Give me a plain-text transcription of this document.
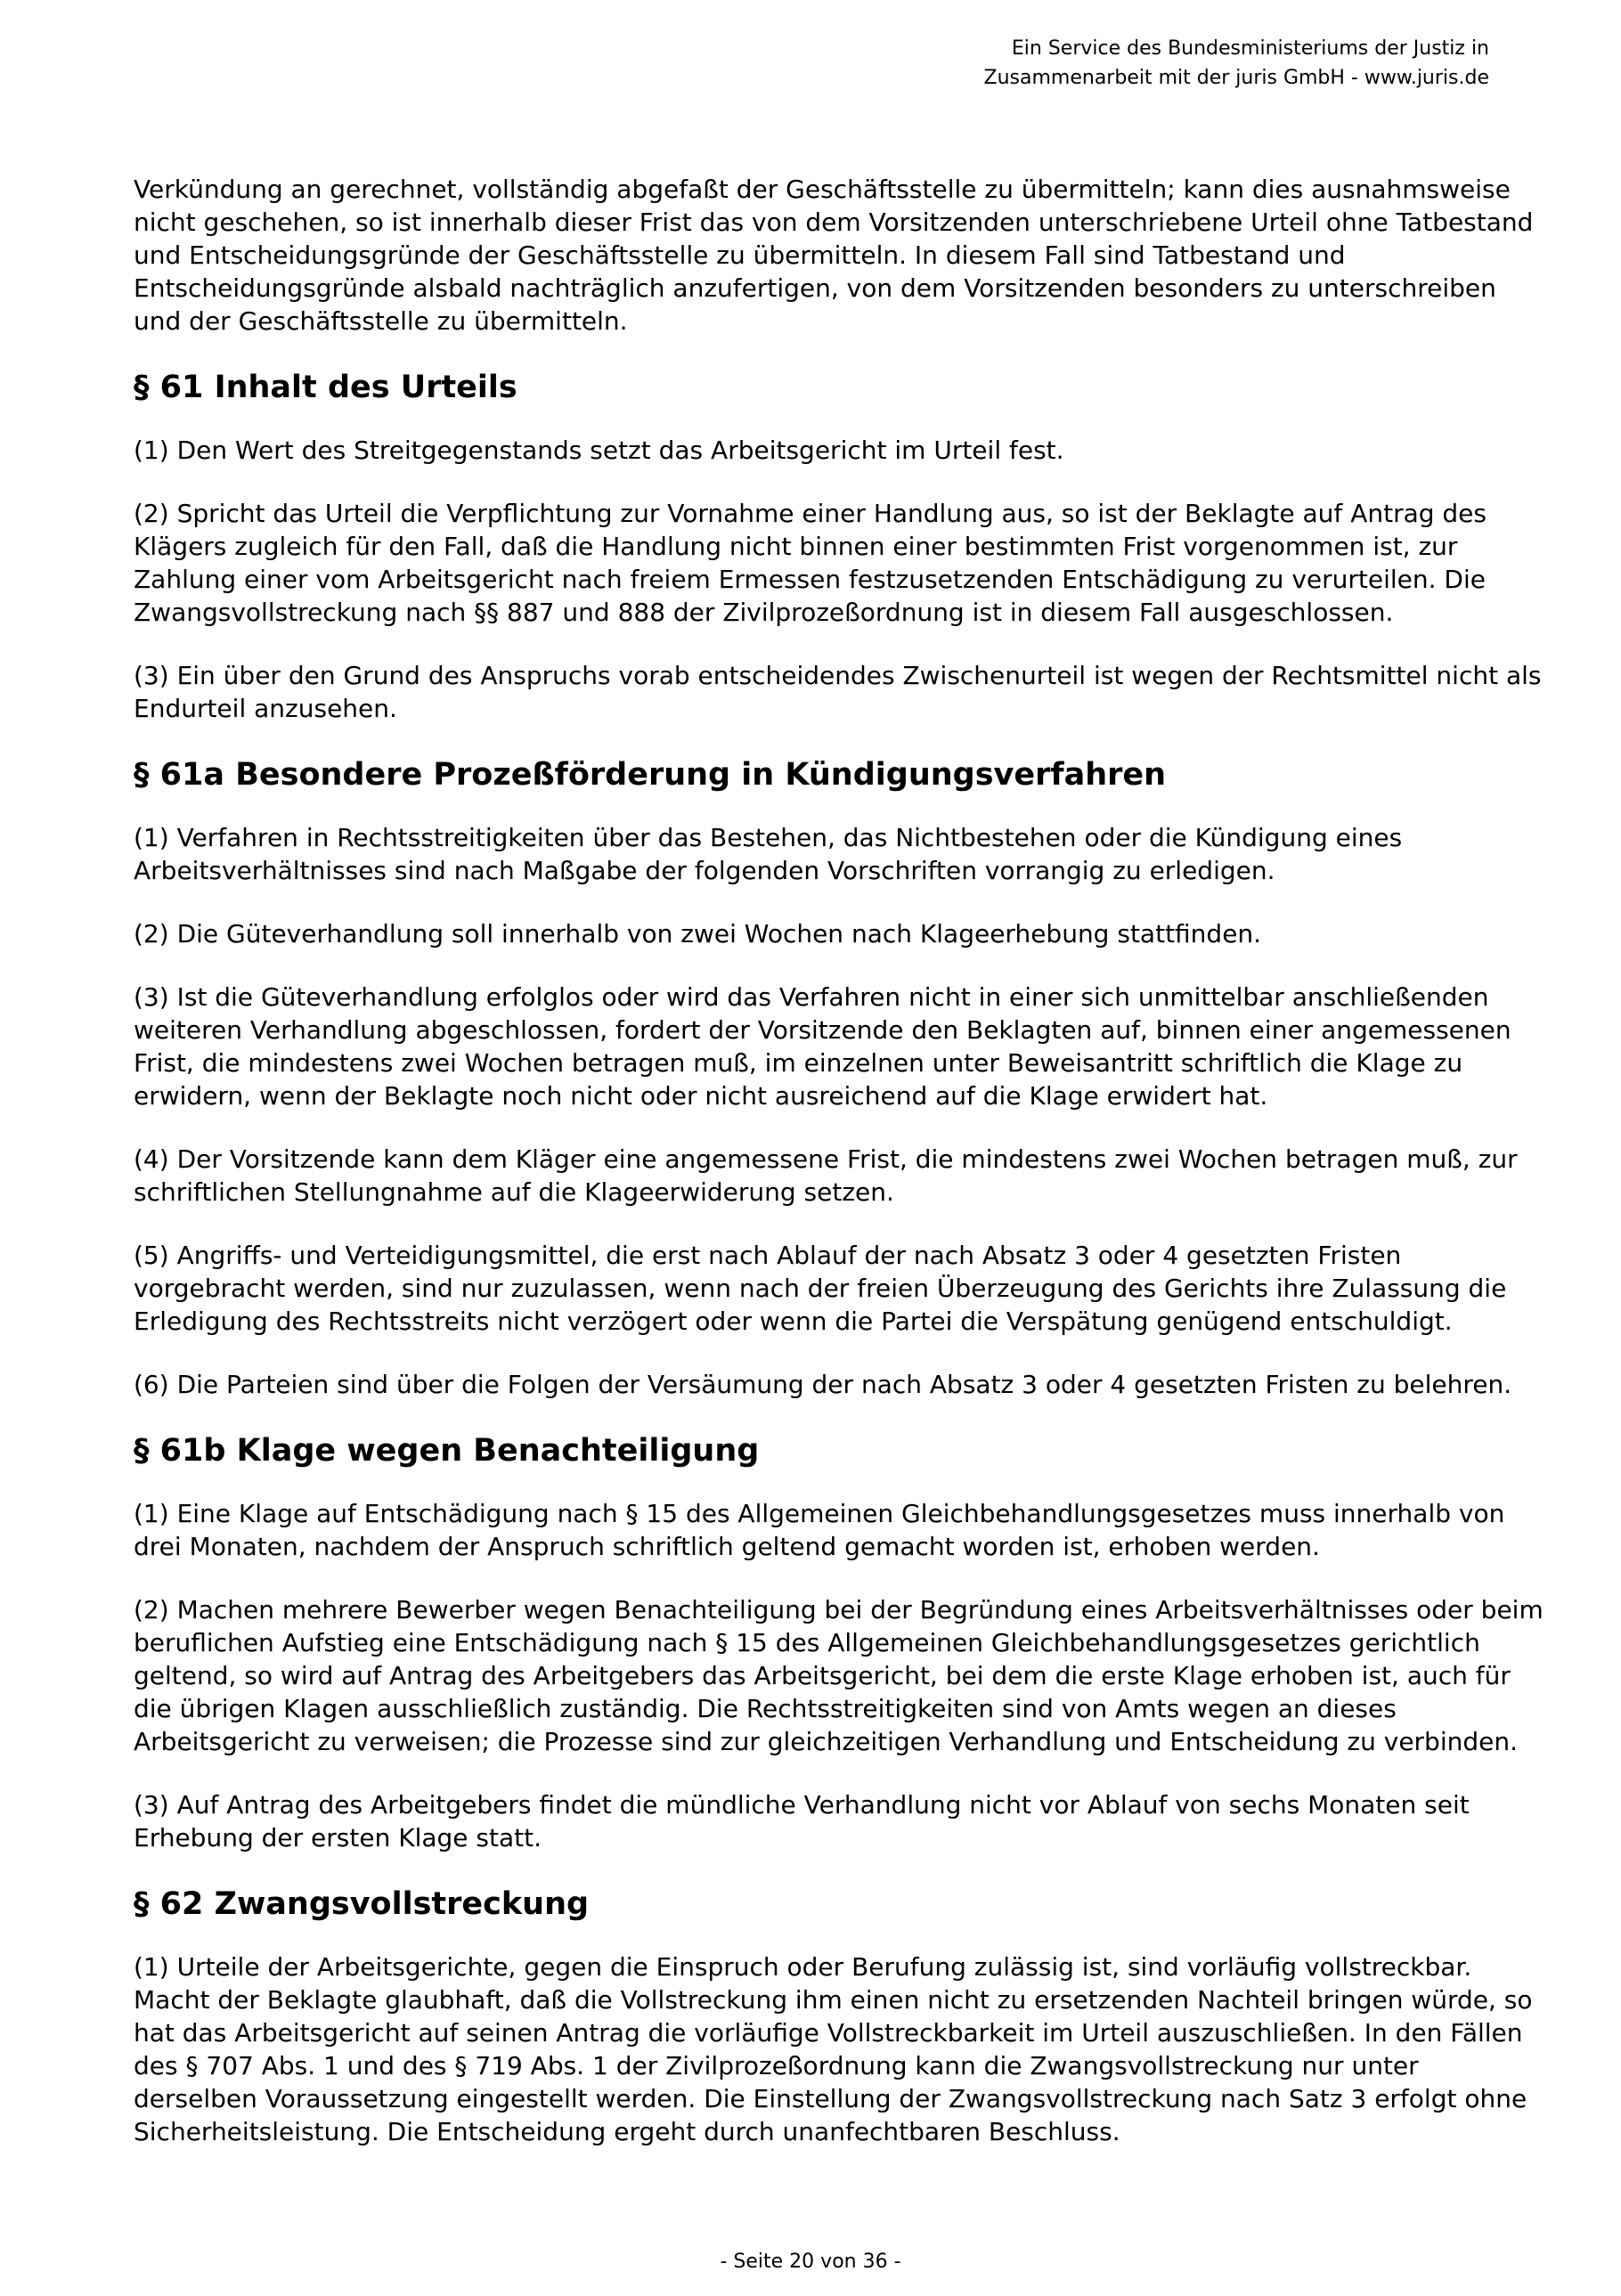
Ein Service des Bundesministeriums der Justiz in
Zusammenarbeit mit der juris GmbH - www.juris.de

Verkündung an gerechnet, vollständig abgefaßt der Geschäftsstelle zu übermitteln; kann dies ausnahmsweise nicht geschehen, so ist innerhalb dieser Frist das von dem Vorsitzenden unterschriebene Urteil ohne Tatbestand und Entscheidungsgründe der Geschäftsstelle zu übermitteln. In diesem Fall sind Tatbestand und Entscheidungsgründe alsbald nachträglich anzufertigen, von dem Vorsitzenden besonders zu unterschreiben und der Geschäftsstelle zu übermitteln.

§ 61 Inhalt des Urteils

(1) Den Wert des Streitgegenstands setzt das Arbeitsgericht im Urteil fest.

(2) Spricht das Urteil die Verpflichtung zur Vornahme einer Handlung aus, so ist der Beklagte auf Antrag des Klägers zugleich für den Fall, daß die Handlung nicht binnen einer bestimmten Frist vorgenommen ist, zur Zahlung einer vom Arbeitsgericht nach freiem Ermessen festzusetzenden Entschädigung zu verurteilen. Die Zwangsvollstreckung nach §§ 887 und 888 der Zivilprozeßordnung ist in diesem Fall ausgeschlossen.

(3) Ein über den Grund des Anspruchs vorab entscheidendes Zwischenurteil ist wegen der Rechtsmittel nicht als Endurteil anzusehen.

§ 61a Besondere Prozeßförderung in Kündigungsverfahren

(1) Verfahren in Rechtsstreitigkeiten über das Bestehen, das Nichtbestehen oder die Kündigung eines Arbeitsverhältnisses sind nach Maßgabe der folgenden Vorschriften vorrangig zu erledigen.

(2) Die Güteverhandlung soll innerhalb von zwei Wochen nach Klageerhebung stattfinden.

(3) Ist die Güteverhandlung erfolglos oder wird das Verfahren nicht in einer sich unmittelbar anschließenden weiteren Verhandlung abgeschlossen, fordert der Vorsitzende den Beklagten auf, binnen einer angemessenen Frist, die mindestens zwei Wochen betragen muß, im einzelnen unter Beweisantritt schriftlich die Klage zu erwidern, wenn der Beklagte noch nicht oder nicht ausreichend auf die Klage erwidert hat.

(4) Der Vorsitzende kann dem Kläger eine angemessene Frist, die mindestens zwei Wochen betragen muß, zur schriftlichen Stellungnahme auf die Klageerwiderung setzen.

(5) Angriffs- und Verteidigungsmittel, die erst nach Ablauf der nach Absatz 3 oder 4 gesetzten Fristen vorgebracht werden, sind nur zuzulassen, wenn nach der freien Überzeugung des Gerichts ihre Zulassung die Erledigung des Rechtsstreits nicht verzögert oder wenn die Partei die Verspätung genügend entschuldigt.

(6) Die Parteien sind über die Folgen der Versäumung der nach Absatz 3 oder 4 gesetzten Fristen zu belehren.

§ 61b Klage wegen Benachteiligung

(1) Eine Klage auf Entschädigung nach § 15 des Allgemeinen Gleichbehandlungsgesetzes muss innerhalb von drei Monaten, nachdem der Anspruch schriftlich geltend gemacht worden ist, erhoben werden.

(2) Machen mehrere Bewerber wegen Benachteiligung bei der Begründung eines Arbeitsverhältnisses oder beim beruflichen Aufstieg eine Entschädigung nach § 15 des Allgemeinen Gleichbehandlungsgesetzes gerichtlich geltend, so wird auf Antrag des Arbeitgebers das Arbeitsgericht, bei dem die erste Klage erhoben ist, auch für die übrigen Klagen ausschließlich zuständig. Die Rechtsstreitigkeiten sind von Amts wegen an dieses Arbeitsgericht zu verweisen; die Prozesse sind zur gleichzeitigen Verhandlung und Entscheidung zu verbinden.

(3) Auf Antrag des Arbeitgebers findet die mündliche Verhandlung nicht vor Ablauf von sechs Monaten seit Erhebung der ersten Klage statt.

§ 62 Zwangsvollstreckung

(1) Urteile der Arbeitsgerichte, gegen die Einspruch oder Berufung zulässig ist, sind vorläufig vollstreckbar. Macht der Beklagte glaubhaft, daß die Vollstreckung ihm einen nicht zu ersetzenden Nachteil bringen würde, so hat das Arbeitsgericht auf seinen Antrag die vorläufige Vollstreckbarkeit im Urteil auszuschließen. In den Fällen des § 707 Abs. 1 und des § 719 Abs. 1 der Zivilprozeßordnung kann die Zwangsvollstreckung nur unter derselben Voraussetzung eingestellt werden. Die Einstellung der Zwangsvollstreckung nach Satz 3 erfolgt ohne Sicherheitsleistung. Die Entscheidung ergeht durch unanfechtbaren Beschluss.

- Seite 20 von 36 -
